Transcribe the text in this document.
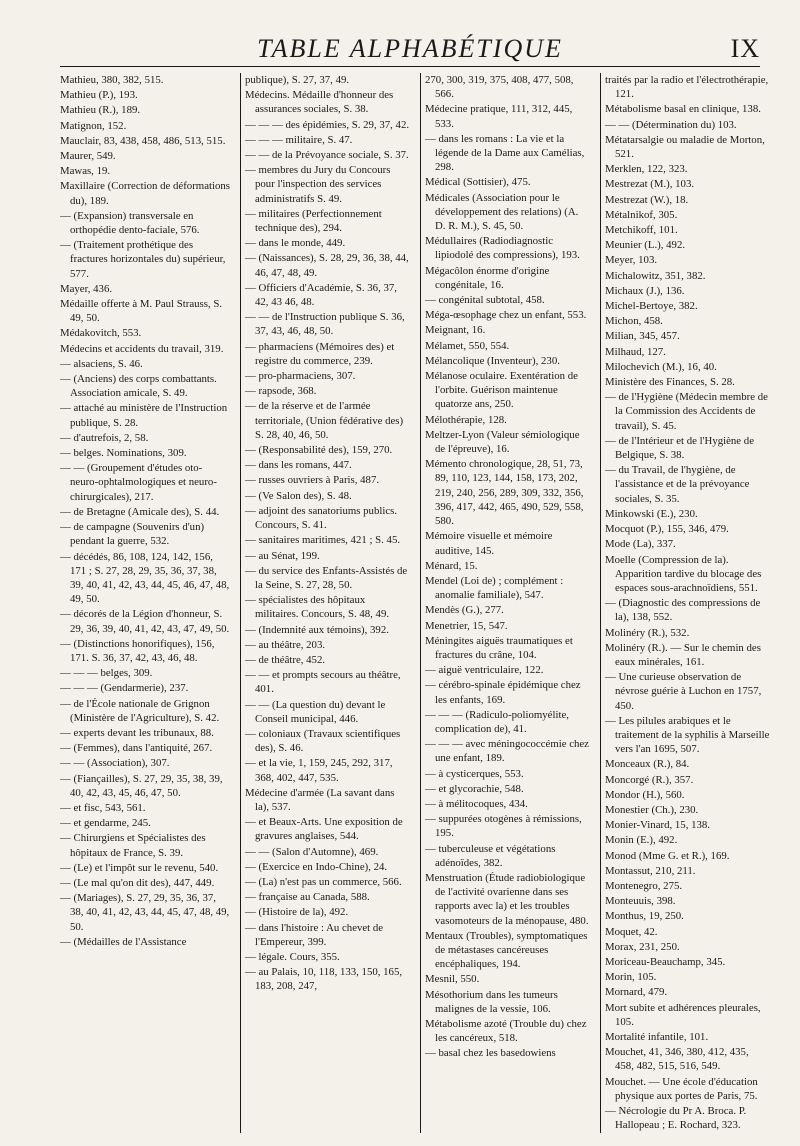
TABLE ALPHABÉTIQUE	IX
Mathieu, 380, 382, 515.
Mathieu (P.), 193.
Mathieu (R.), 189.
Matignon, 152.
Mauclair, 83, 438, 458, 486, 513, 515.
Maurer, 549.
Mawas, 19.
Maxillaire (Correction de déformations du), 189.
— (Expansion) transversale en orthopédie dento-faciale, 576.
— (Traitement prothétique des fractures horizontales du) supérieur, 577.
Mayer, 436.
Médaille offerte à M. Paul Strauss, S. 49, 50.
Médakovitch, 553.
Médecins et accidents du travail, 319.
— alsaciens, S. 46.
— (Anciens) des corps combattants. Association amicale, S. 49.
— attaché au ministère de l'Instruction publique, S. 28.
— d'autrefois, 2, 58.
— belges. Nominations, 309.
— — (Groupement d'études oto-neuro-ophtalmologiques et neuro-chirurgicales), 217.
— de Bretagne (Amicale des), S. 44.
— de campagne (Souvenirs d'un) pendant la guerre, 532.
— décédés, 86, 108, 124, 142, 156, 171 ; S. 27, 28, 29, 35, 36, 37, 38, 39, 40, 41, 42, 43, 44, 45, 46, 47, 48, 49, 50.
— décorés de la Légion d'honneur, S. 29, 36, 39, 40, 41, 42, 43, 47, 49, 50.
— (Distinctions honorifiques), 156, 171. S. 36, 37, 42, 43, 46, 48.
— — — belges, 309.
— — — (Gendarmerie), 237.
— de l'École nationale de Grignon (Ministère de l'Agriculture), S. 42.
— experts devant les tribunaux, 88.
— (Femmes), dans l'antiquité, 267.
— — (Association), 307.
— (Fiançailles), S. 27, 29, 35, 38, 39, 40, 42, 43, 45, 46, 47, 50.
— et fisc, 543, 561.
— et gendarme, 245.
— Chirurgiens et Spécialistes des hôpitaux de France, S. 39.
— (Le) et l'impôt sur le revenu, 540.
— (Le mal qu'on dit des), 447, 449.
— (Mariages), S. 27, 29, 35, 36, 37, 38, 40, 41, 42, 43, 44, 45, 47, 48, 49, 50.
— (Médailles de l'Assistance
publique), S. 27, 37, 49.
Médecins. Médaille d'honneur des assurances sociales, S. 38.
— — — des épidémies, S. 29, 37, 42.
— — — militaire, S. 47.
— — de la Prévoyance sociale, S. 37.
— membres du Jury du Concours pour l'inspection des services administratifs S. 49.
— militaires (Perfectionnement technique des), 294.
— dans le monde, 449.
— (Naissances), S. 28, 29, 36, 38, 44, 46, 47, 48, 49.
— Officiers d'Académie, S. 36, 37, 42, 43 46, 48.
— — de l'Instruction publique S. 36, 37, 43, 46, 48, 50.
— pharmaciens (Mémoires des) et registre du commerce, 239.
— pro-pharmaciens, 307.
— rapsode, 368.
— de la réserve et de l'armée territoriale, (Union fédérative des) S. 28, 40, 46, 50.
— (Responsabilité des), 159, 270.
— dans les romans, 447.
— russes ouvriers à Paris, 487.
— (Ve Salon des), S. 48.
— adjoint des sanatoriums publics. Concours, S. 41.
— sanitaires maritimes, 421 ; S. 45.
— au Sénat, 199.
— du service des Enfants-Assistés de la Seine, S. 27, 28, 50.
— spécialistes des hôpitaux militaires. Concours, S. 48, 49.
— (Indemnité aux témoins), 392.
— au théâtre, 203.
— de théâtre, 452.
— — et prompts secours au théâtre, 401.
— — (La question du) devant le Conseil municipal, 446.
— coloniaux (Travaux scientifiques des), S. 46.
— et la vie, 1, 159, 245, 292, 317, 368, 402, 447, 535.
Médecine d'armée (La savant dans la), 537.
— et Beaux-Arts. Une exposition de gravures anglaises, 544.
— — (Salon d'Automne), 469.
— (Exercice en Indo-Chine), 24.
— (La) n'est pas un commerce, 566.
— française au Canada, 588.
— (Histoire de la), 492.
— dans l'histoire : Au chevet de l'Empereur, 399.
— légale. Cours, 355.
— au Palais, 10, 118, 133, 150, 165, 183, 208, 247,
270, 300, 319, 375, 408, 477, 508, 566.
Médecine pratique, 111, 312, 445, 533.
— dans les romans : La vie et la légende de la Dame aux Camélias, 298.
Médical (Sottisier), 475.
Médicales (Association pour le développement des relations) (A. D. R. M.), S. 45, 50.
Médullaires (Radiodiagnostic lipiodolé des compressions), 193.
Mégacôlon énorme d'origine congénitale, 16.
— congénital subtotal, 458.
Méga-œsophage chez un enfant, 553.
Meignant, 16.
Mélamet, 550, 554.
Mélancolique (Inventeur), 230.
Mélanose oculaire. Exentération de l'orbite. Guérison maintenue quatorze ans, 250.
Mélothérapie, 128.
Meltzer-Lyon (Valeur sémiologique de l'épreuve), 16.
Mémento chronologique, 28, 51, 73, 89, 110, 123, 144, 158, 173, 202, 219, 240, 256, 289, 309, 332, 356, 396, 417, 442, 465, 490, 529, 558, 580.
Mémoire visuelle et mémoire auditive, 145.
Ménard, 15.
Mendel (Loi de) ; complément : anomalie familiale), 547.
Mendès (G.), 277.
Menetrier, 15, 547.
Méningites aiguës traumatiques et fractures du crâne, 104.
— aiguë ventriculaire, 122.
— cérébro-spinale épidémique chez les enfants, 169.
— — — (Radiculo-poliomyélite, complication de), 41.
— — — avec méningococcémie chez une enfant, 189.
— à cysticerques, 553.
— et glycorachie, 548.
— à mélitocoques, 434.
— suppurées otogènes à rémissions, 195.
— tuberculeuse et végétations adénoïdes, 382.
Menstruation (Étude radiobiologique de l'activité ovarienne dans ses rapports avec la) et les troubles vasomoteurs de la ménopause, 480.
Mentaux (Troubles), symptomatiques de métastases cancéreuses encéphaliques, 194.
Mesnil, 550.
Mésothorium dans les tumeurs malignes de la vessie, 106.
Métabolisme azoté (Trouble du) chez les cancéreux, 518.
— basal chez les basedowiens
traités par la radio et l'électrothérapie, 121.
Métabolisme basal en clinique, 138.
— — (Détermination du) 103.
Métatarsalgie ou maladie de Morton, 521.
Merklen, 122, 323.
Mestrezat (M.), 103.
Mestrezat (W.), 18.
Métalnikof, 305.
Metchikoff, 101.
Meunier (L.), 492.
Meyer, 103.
Michalowitz, 351, 382.
Michaux (J.), 136.
Michel-Bertoye, 382.
Michon, 458.
Milian, 345, 457.
Milhaud, 127.
Milochevich (M.), 16, 40.
Ministère des Finances, S. 28.
— de l'Hygiène (Médecin membre de la Commission des Accidents de travail), S. 45.
— de l'Intérieur et de l'Hygiène de Belgique, S. 38.
— du Travail, de l'hygiène, de l'assistance et de la prévoyance sociales, S. 35.
Minkowski (E.), 230.
Mocquot (P.), 155, 346, 479.
Mode (La), 337.
Moelle (Compression de la). Apparition tardive du blocage des espaces sous-arachnoïdiens, 551.
— (Diagnostic des compressions de la), 138, 552.
Molinéry (R.), 532.
Molinéry (R.). — Sur le chemin des eaux minérales, 161.
— Une curieuse observation de névrose guérie à Luchon en 1757, 450.
— Les pilules arabiques et le traitement de la syphilis à Marseille vers l'an 1695, 507.
Monceaux (R.), 84.
Moncorgé (R.), 357.
Mondor (H.), 560.
Monestier (Ch.), 230.
Monier-Vinard, 15, 138.
Monin (E.), 492.
Monod (Mme G. et R.), 169.
Montassut, 210, 211.
Montenegro, 275.
Monteuuis, 398.
Monthus, 19, 250.
Moquet, 42.
Morax, 231, 250.
Moriceau-Beauchamp, 345.
Morin, 105.
Mornard, 479.
Mort subite et adhérences pleurales, 105.
Mortalité infantile, 101.
Mouchet, 41, 346, 380, 412, 435, 458, 482, 515, 516, 549.
Mouchet. — Une école d'éducation physique aux portes de Paris, 75.
— Nécrologie du Pr A. Broca. P. Hallopeau ; E. Rochard, 323.
